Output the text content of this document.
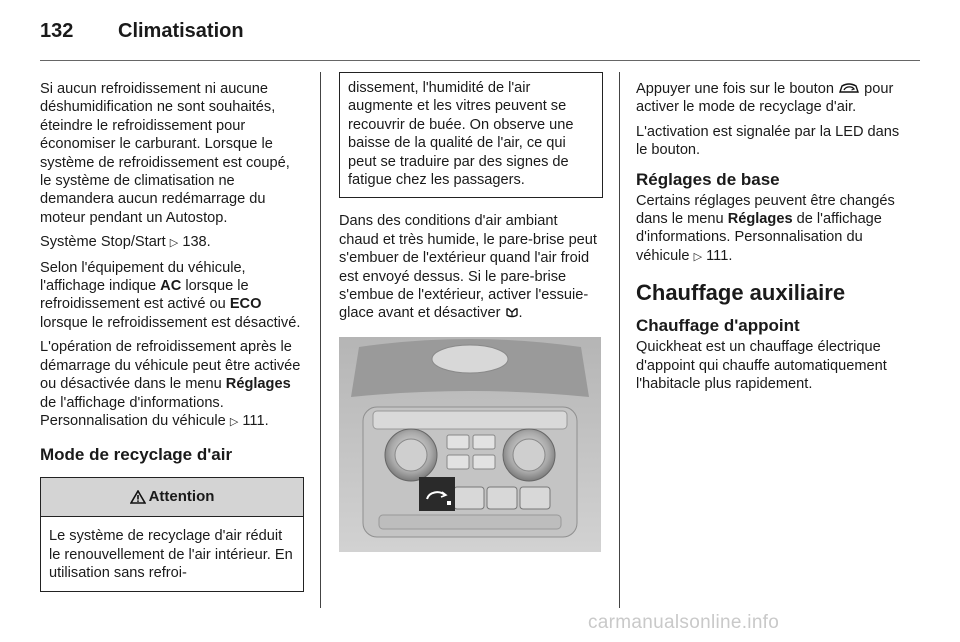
132 Climatisation

Si aucun refroidissement ni aucune déshumidification ne sont souhaités, éteindre le refroidissement pour économiser le carburant. Lorsque le système de refroidissement est coupé, le système de climatisation ne demandera aucun redémarrage du moteur pendant un Autostop.

Système Stop/Start ▷ 138.

Selon l'équipement du véhicule, l'affichage indique AC lorsque le refroidissement est activé ou ECO lorsque le refroidissement est désactivé.

L'opération de refroidissement après le démarrage du véhicule peut être activée ou désactivée dans le menu Réglages de l'affichage d'informations. Personnalisation du véhicule ▷ 111.

Mode de recyclage d'air
Attention
Le système de recyclage d'air réduit le renouvellement de l'air intérieur. En utilisation sans refroi-
dissement, l'humidité de l'air augmente et les vitres peuvent se recouvrir de buée. On observe une baisse de la qualité de l'air, ce qui peut se traduire par des signes de fatigue chez les passagers.

Dans des conditions d'air ambiant chaud et très humide, le pare-brise peut s'embuer de l'extérieur quand l'air froid est envoyé dessus. Si le pare-brise s'embue de l'extérieur, activer l'essuie-glace avant et désactiver .

Appuyer une fois sur le bouton pour activer le mode de recyclage d'air.

L'activation est signalée par la LED dans le bouton.

Réglages de base

Certains réglages peuvent être changés dans le menu Réglages de l'affichage d'informations. Personnalisation du véhicule ▷ 111.

Chauffage auxiliaire
Chauffage d'appoint

Quickheat est un chauffage électrique d'appoint qui chauffe automatiquement l'habitacle plus rapidement.

carmanualsonline.info
